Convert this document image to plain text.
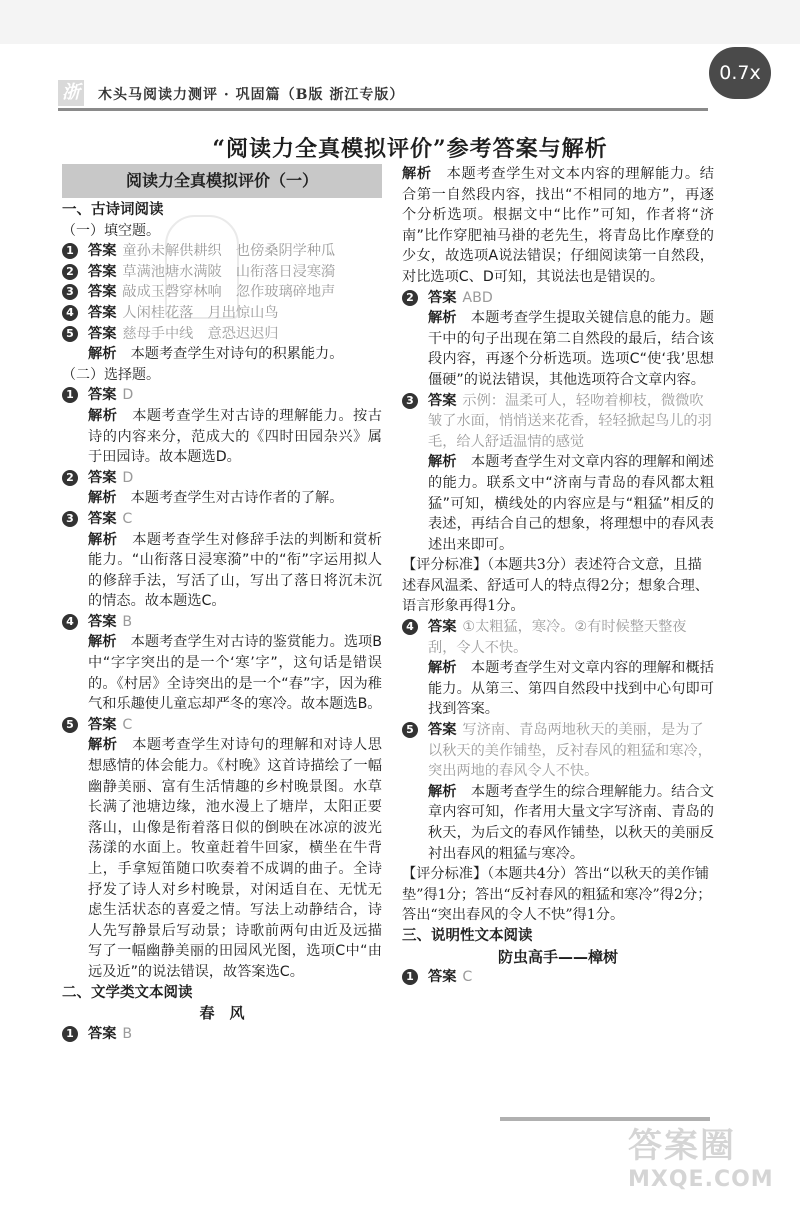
浙 木头马阅读力测评 · 巩固篇（B版 浙江专版）
0.7x
“阅读力全真模拟评价”参考答案与解析
阅读力全真模拟评价（一）
一、古诗词阅读
（一）填空题。
1 答案 童孙未解供耕织　也傍桑阴学种瓜
2 答案 草满池塘水满陂　山衔落日浸寒漪
3 答案 敲成玉磬穿林响　忽作玻璃碎地声
4 答案 人闲桂花落　月出惊山鸟
5 答案 慈母手中线　意恐迟迟归
解析　 本题考查学生对诗句的积累能力。
（二）选择题。
1 答案 D
解析　 本题考查学生对古诗的理解能力。按古诗的内容来分，范成大的《四时田园杂兴》属于田园诗。故本题选D。
2 答案 D
解析　 本题考查学生对古诗作者的了解。
3 答案 C
解析　 本题考查学生对修辞手法的判断和赏析能力。“山衔落日浸寒漪”中的“衔”字运用拟人的修辞手法，写活了山，写出了落日将沉未沉的情态。故本题选C。
4 答案 B
解析　 本题考查学生对古诗的鉴赏能力。选项B中“字字突出的是一个‘寒’字”，这句话是错误的。《村居》全诗突出的是一个“春”字，因为稚气和乐趣使儿童忘却严冬的寒冷。故本题选B。
5 答案 C
解析　 本题考查学生对诗句的理解和对诗人思想感情的体会能力。《村晚》这首诗描绘了一幅幽静美丽、富有生活情趣的乡村晚景图。水草长满了池塘边缘，池水漫上了塘岸，太阳正要落山，山像是衔着落日似的倒映在冰凉的波光荡漾的水面上。牧童赶着牛回家，横坐在牛背上，手拿短笛随口吹奏着不成调的曲子。全诗抒发了诗人对乡村晚景，对闲适自在、无忧无虑生活状态的喜爱之情。写法上动静结合，诗人先写静景后写动景；诗歌前两句由近及远描写了一幅幽静美丽的田园风光图，选项C中“由远及近”的说法错误，故答案选C。
二、文学类文本阅读
春　风
1 答案 B
解析　 本题考查学生对文本内容的理解能力。结合第一自然段内容，找出“不相同的地方”，再逐个分析选项。根据文中“比作”可知，作者将“济南”比作穿肥袖马褂的老先生，将青岛比作摩登的少女，故选项A说法错误；仔细阅读第一自然段，对比选项C、D可知，其说法也是错误的。
2 答案 ABD
解析　 本题考查学生提取关键信息的能力。题干中的句子出现在第二自然段的最后，结合该段内容，再逐个分析选项。选项C“使‘我’思想僵硬”的说法错误，其他选项符合文章内容。
3 答案 示例：温柔可人，轻吻着柳枝，微微吹皱了水面，悄悄送来花香，轻轻掀起鸟儿的羽毛，给人舒适温情的感觉
解析　 本题考查学生对文章内容的理解和阐述的能力。联系文中“济南与青岛的春风都太粗猛”可知，横线处的内容应是与“粗猛”相反的表述，再结合自己的想象，将理想中的春风表述出来即可。
【评分标准】（本题共3分）表述符合文意，且描述春风温柔、舒适可人的特点得2分；想象合理、语言形象再得1分。
4 答案 ①太粗猛，寒冷。②有时候整天整夜刮，令人不快。
解析　 本题考查学生对文章内容的理解和概括能力。从第三、第四自然段中找到中心句即可找到答案。
5 答案 写济南、青岛两地秋天的美丽，是为了以秋天的美作铺垫，反衬春风的粗猛和寒冷，突出两地的春风令人不快。
解析　 本题考查学生的综合理解能力。结合文章内容可知，作者用大量文字写济南、青岛的秋天，为后文的春风作铺垫，以秋天的美丽反衬出春风的粗猛与寒冷。
【评分标准】（本题共4分）答出“以秋天的美作铺垫”得1分；答出“反衬春风的粗猛和寒冷”得2分；答出“突出春风的令人不快”得1分。
三、说明性文本阅读
防虫高手——樟树
1 答案 C
答案圈
MXQE.COM
